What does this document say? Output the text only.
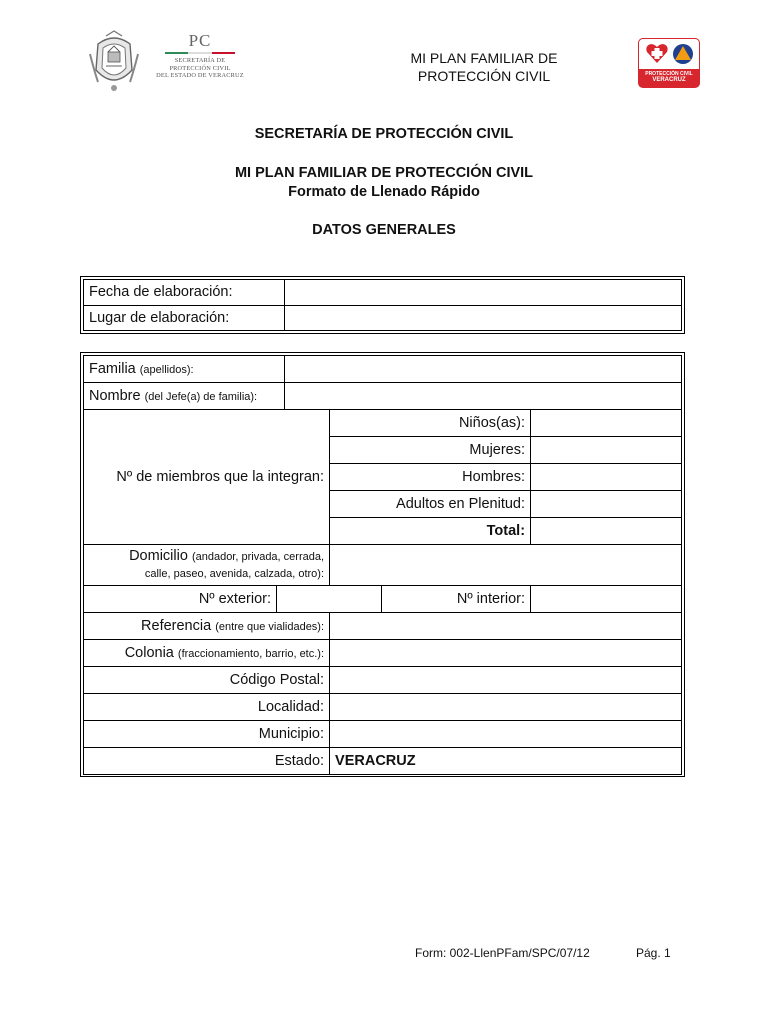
PC
SECRETARÍA DE
PROTECCIÓN CIVIL
DEL ESTADO DE VERACRUZ
MI PLAN FAMILIAR DE
PROTECCIÓN CIVIL	PROTECCIÓN CIVIL
VERACRUZ
SECRETARÍA DE PROTECCIÓN CIVIL
MI PLAN FAMILIAR DE PROTECCIÓN CIVIL
Formato de Llenado Rápido
DATOS GENERALES
Fecha de elaboración:	
Lugar de elaboración:	
Familia (apellidos):					
Nombre (del Jefe(a) de familia):					
Nº de miembros que la integran:			Niños(as):		
			Mujeres:		
			Hombres:		
			Adultos en Plenitud:		
			Total:		
Domicilio (andador, privada, cerrada,
calle, paseo, avenida, calzada, otro):					
Nº exterior:				Nº interior:	
Referencia (entre que vialidades):					
Colonia (fraccionamiento, barrio, etc.):					
Código Postal:					
Localidad:					
Municipio:					
Estado:			VERACRUZ		
Form: 002-LlenPFam/SPC/07/12	Pág. 1
